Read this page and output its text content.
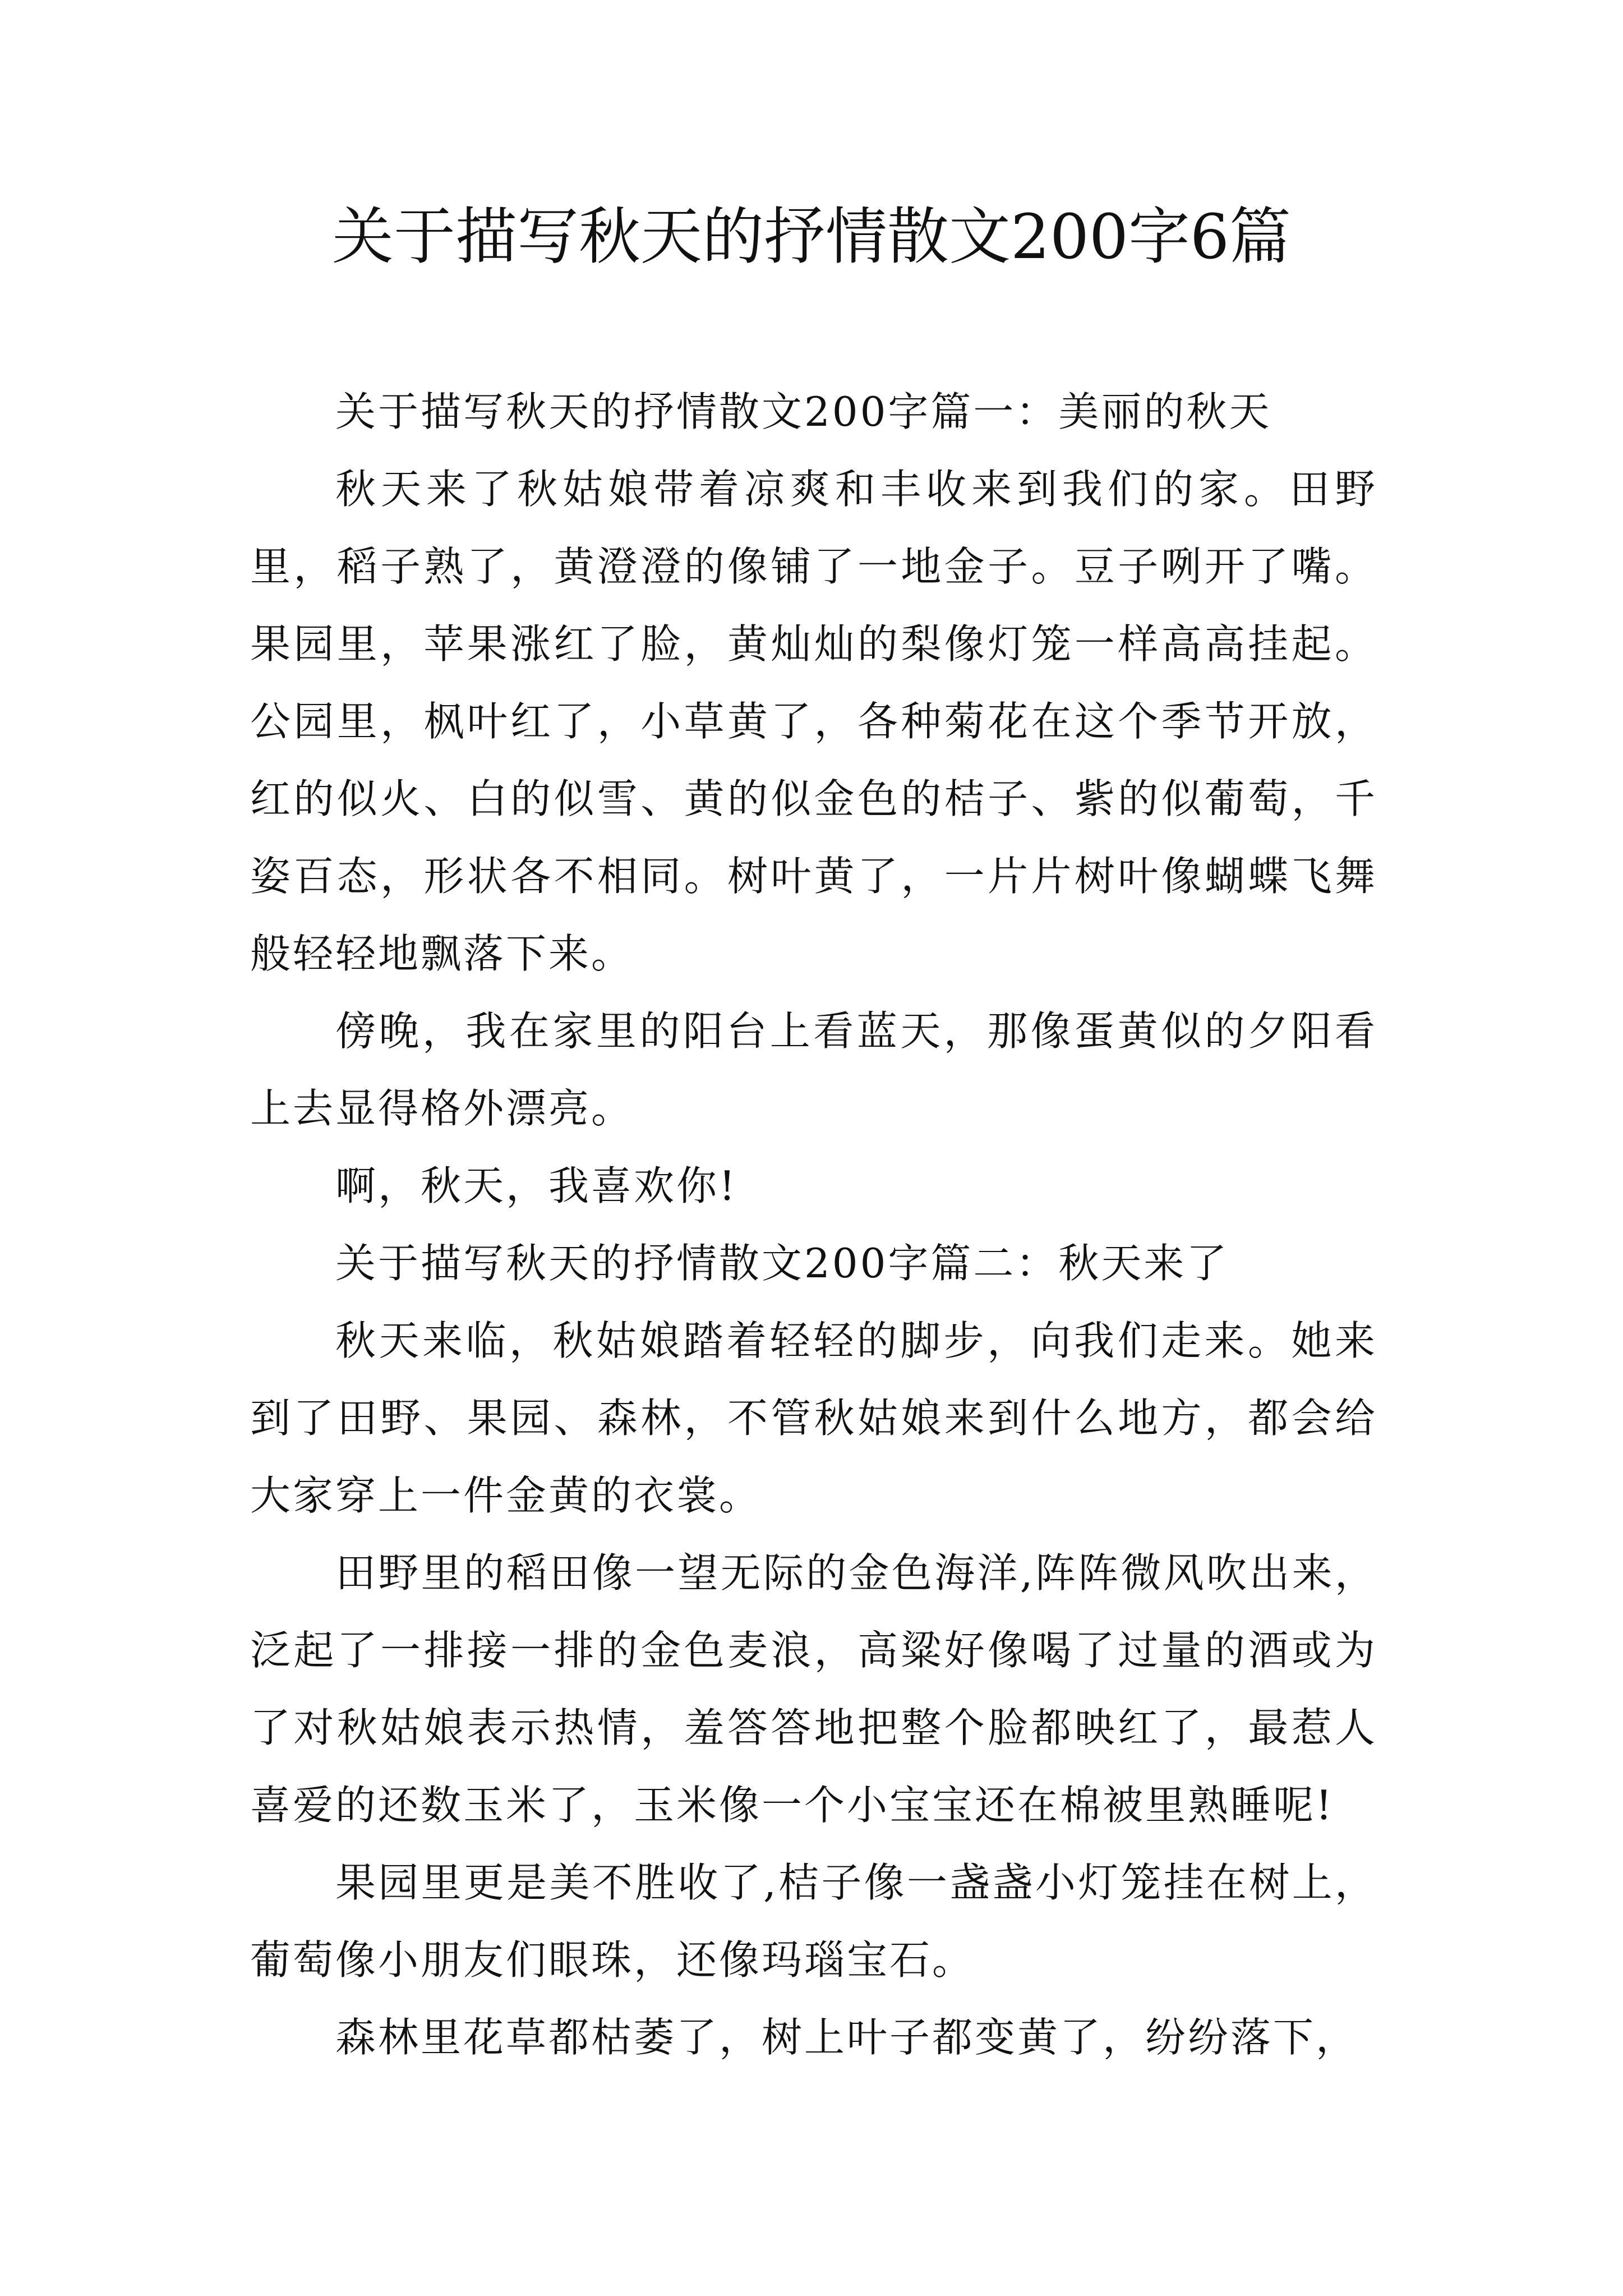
关于描写秋天的抒情散文200字6篇

关于描写秋天的抒情散文200字篇一：美丽的秋天

秋天来了秋姑娘带着凉爽和丰收来到我们的家。田野里，稻子熟了，黄澄澄的像铺了一地金子。豆子咧开了嘴。果园里，苹果涨红了脸，黄灿灿的梨像灯笼一样高高挂起。公园里，枫叶红了，小草黄了，各种菊花在这个季节开放，红的似火、白的似雪、黄的似金色的桔子、紫的似葡萄，千姿百态，形状各不相同。树叶黄了，一片片树叶像蝴蝶飞舞般轻轻地飘落下来。

傍晚，我在家里的阳台上看蓝天，那像蛋黄似的夕阳看上去显得格外漂亮。

啊，秋天，我喜欢你!

关于描写秋天的抒情散文200字篇二：秋天来了

秋天来临，秋姑娘踏着轻轻的脚步，向我们走来。她来到了田野、果园、森林，不管秋姑娘来到什么地方，都会给大家穿上一件金黄的衣裳。

田野里的稻田像一望无际的金色海洋,阵阵微风吹出来，泛起了一排接一排的金色麦浪，高粱好像喝了过量的酒或为了对秋姑娘表示热情，羞答答地把整个脸都映红了，最惹人喜爱的还数玉米了，玉米像一个小宝宝还在棉被里熟睡呢!

果园里更是美不胜收了,桔子像一盏盏小灯笼挂在树上，葡萄像小朋友们眼珠，还像玛瑙宝石。

森林里花草都枯萎了，树上叶子都变黄了，纷纷落下，
